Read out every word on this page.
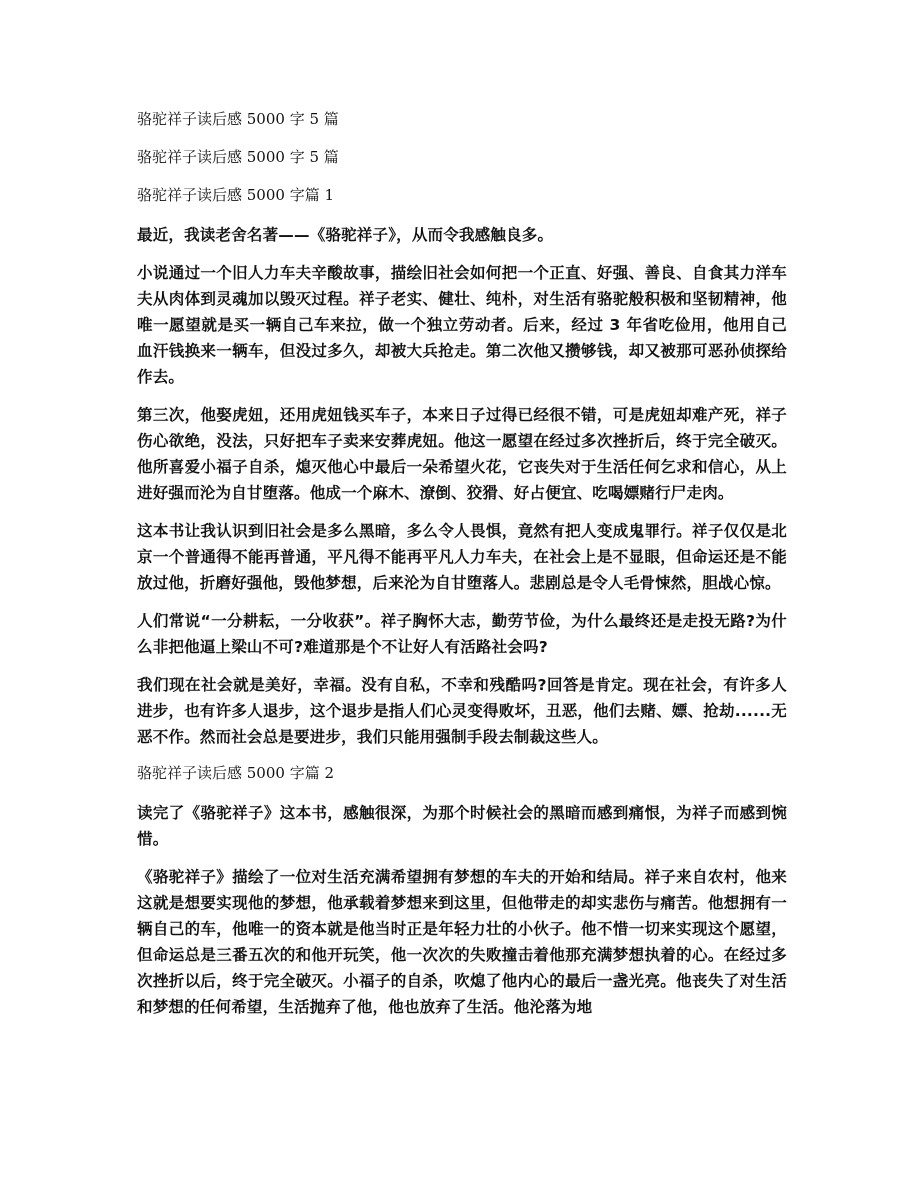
骆驼祥子读后感 5000 字 5 篇
骆驼祥子读后感 5000 字 5 篇
骆驼祥子读后感 5000 字篇 1

最近，我读老舍名著——《骆驼祥子》，从而令我感触良多。

小说通过一个旧人力车夫辛酸故事，描绘旧社会如何把一个正直、好强、善良、自食其力洋车夫从肉体到灵魂加以毁灭过程。祥子老实、健壮、纯朴，对生活有骆驼般积极和坚韧精神，他唯一愿望就是买一辆自己车来拉，做一个独立劳动者。后来，经过 3 年省吃俭用，他用自己血汗钱换来一辆车，但没过多久，却被大兵抢走。第二次他又攒够钱，却又被那可恶孙侦探给作去。

第三次，他娶虎妞，还用虎妞钱买车子，本来日子过得已经很不错，可是虎妞却难产死，祥子伤心欲绝，没法，只好把车子卖来安葬虎妞。他这一愿望在经过多次挫折后，终于完全破灭。他所喜爱小福子自杀，熄灭他心中最后一朵希望火花，它丧失对于生活任何乞求和信心，从上进好强而沦为自甘堕落。他成一个麻木、潦倒、狡猾、好占便宜、吃喝嫖赌行尸走肉。

这本书让我认识到旧社会是多么黑暗，多么令人畏惧，竟然有把人变成鬼罪行。祥子仅仅是北京一个普通得不能再普通，平凡得不能再平凡人力车夫，在社会上是不显眼，但命运还是不能放过他，折磨好强他，毁他梦想，后来沦为自甘堕落人。悲剧总是令人毛骨悚然，胆战心惊。

人们常说“一分耕耘，一分收获”。祥子胸怀大志，勤劳节俭，为什么最终还是走投无路?为什么非把他逼上梁山不可?难道那是个不让好人有活路社会吗?

我们现在社会就是美好，幸福。没有自私，不幸和残酷吗?回答是肯定。现在社会，有许多人进步，也有许多人退步，这个退步是指人们心灵变得败坏，丑恶，他们去赌、嫖、抢劫......无恶不作。然而社会总是要进步，我们只能用强制手段去制裁这些人。

骆驼祥子读后感 5000 字篇 2

读完了《骆驼祥子》这本书，感触很深，为那个时候社会的黑暗而感到痛恨，为祥子而感到惋惜。

《骆驼祥子》描绘了一位对生活充满希望拥有梦想的车夫的开始和结局。祥子来自农村，他来这就是想要实现他的梦想，他承载着梦想来到这里，但他带走的却实悲伤与痛苦。他想拥有一辆自己的车，他唯一的资本就是他当时正是年轻力壮的小伙子。他不惜一切来实现这个愿望，但命运总是三番五次的和他开玩笑，他一次次的失败撞击着他那充满梦想执着的心。在经过多次挫折以后，终于完全破灭。小福子的自杀，吹熄了他内心的最后一盏光亮。他丧失了对生活和梦想的任何希望，生活抛弃了他，他也放弃了生活。他沦落为地
